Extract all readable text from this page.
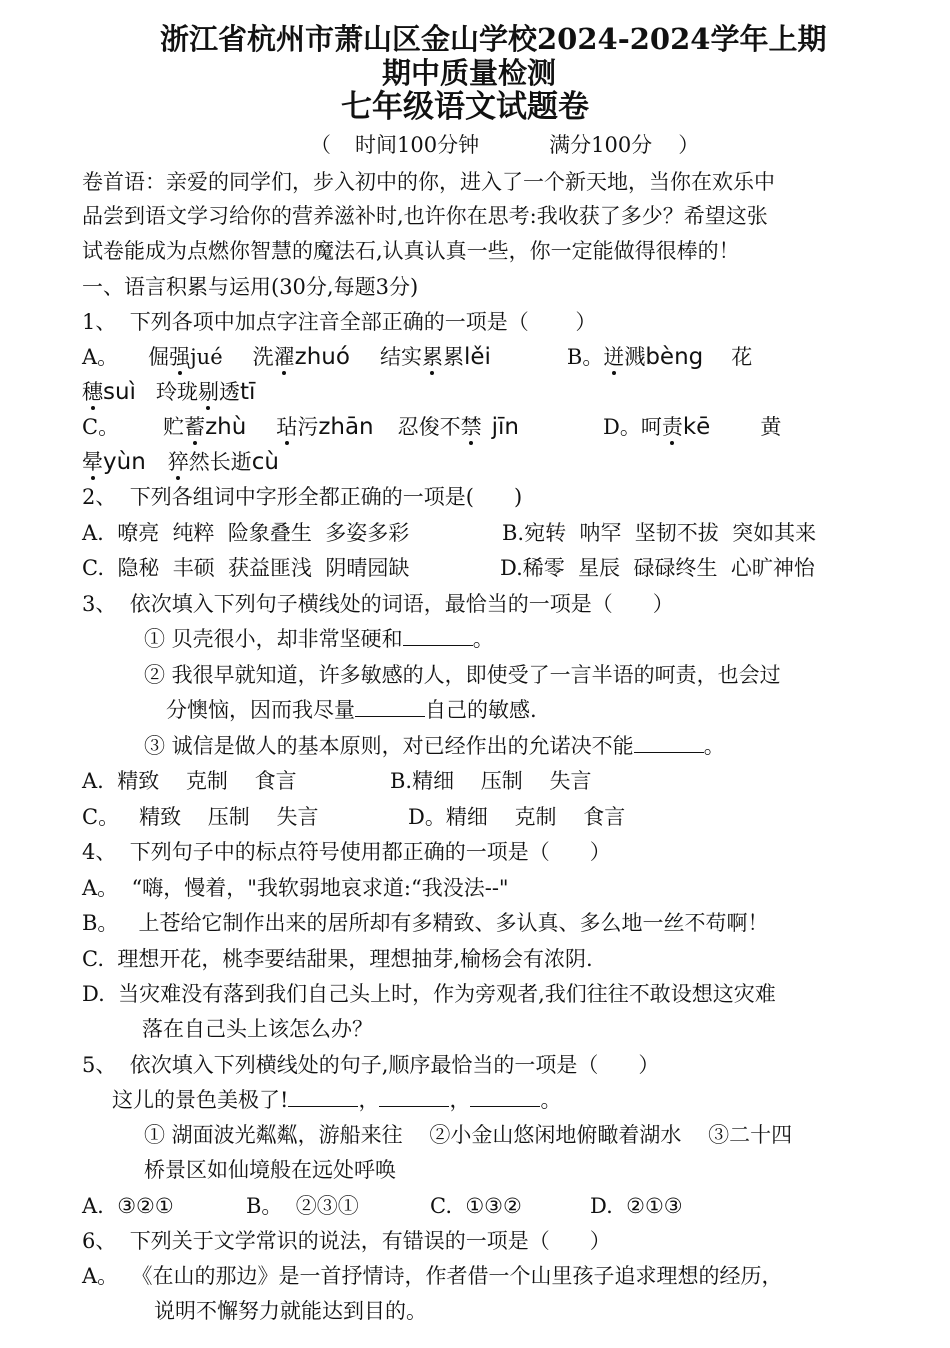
浙江省杭州市萧山区金山学校2024-2024学年上期
期中质量检测
七年级语文试题卷
（ 时间100分钟	满分100分 ）
卷首语：亲爱的同学们，步入初中的你，进入了一个新天地，当你在欢乐中
品尝到语文学习给你的营养滋补时,也许你在思考:我收获了多少？希望这张
试卷能成为点燃你智慧的魔法石,认真认真一些，你一定能做得很棒的！
一、语言积累与运用(30分,每题3分)
1、  下列各项中加点字注音全部正确的一项是（       ）
A。 倔强jué 洗濯zhuó 结实累累lěi	B。迸溅bèng 花
穗suì 玲珑剔透tī
C。 贮蓄zhù 玷污zhān 忍俊不禁 jīn	D。呵责kē 黄
晕yùn 猝然长逝cù
2、  下列各组词中字形全都正确的一项是(      )
A.  嘹亮  纯粹  险象叠生  多姿多彩	B.宛转  呐罕  坚韧不拔  突如其来
C.  隐秘  丰硕  获益匪浅  阴晴园缺	D.稀零  星辰  碌碌终生  心旷神怡
3、  依次填入下列句子横线处的词语，最恰当的一项是（      ）
① 贝壳很小，却非常坚硬和	。
② 我很早就知道，许多敏感的人，即使受了一言半语的呵责，也会过
分懊恼，因而我尽量	自己的敏感.
③ 诚信是做人的基本原则，对已经作出的允诺决不能	。
A.  精致    克制    食言	B.精细    压制    失言
C。   精致    压制    失言	D。精细    克制    食言
4、  下列句子中的标点符号使用都正确的一项是（      ）
A。  “嗨，慢着，"我软弱地哀求道:“我没法--"
B。   上苍给它制作出来的居所却有多精致、多认真、多么地一丝不苟啊！
C.  理想开花，桃李要结甜果，理想抽芽,榆杨会有浓阴.
D.  当灾难没有落到我们自己头上时，作为旁观者,我们往往不敢设想这灾难
落在自己头上该怎么办？
5、  依次填入下列横线处的句子,顺序最恰当的一项是（      ）
这儿的景色美极了!	，	，	。
① 湖面波光粼粼，游船来往    ②小金山悠闲地俯瞰着湖水    ③二十四
桥景区如仙境般在远处呼唤
A.  ③②①	B。  ②③①	C.  ①③②	D.  ②①③
6、  下列关于文学常识的说法，有错误的一项是（      ）
A。  《在山的那边》是一首抒情诗，作者借一个山里孩子追求理想的经历，
说明不懈努力就能达到目的。
